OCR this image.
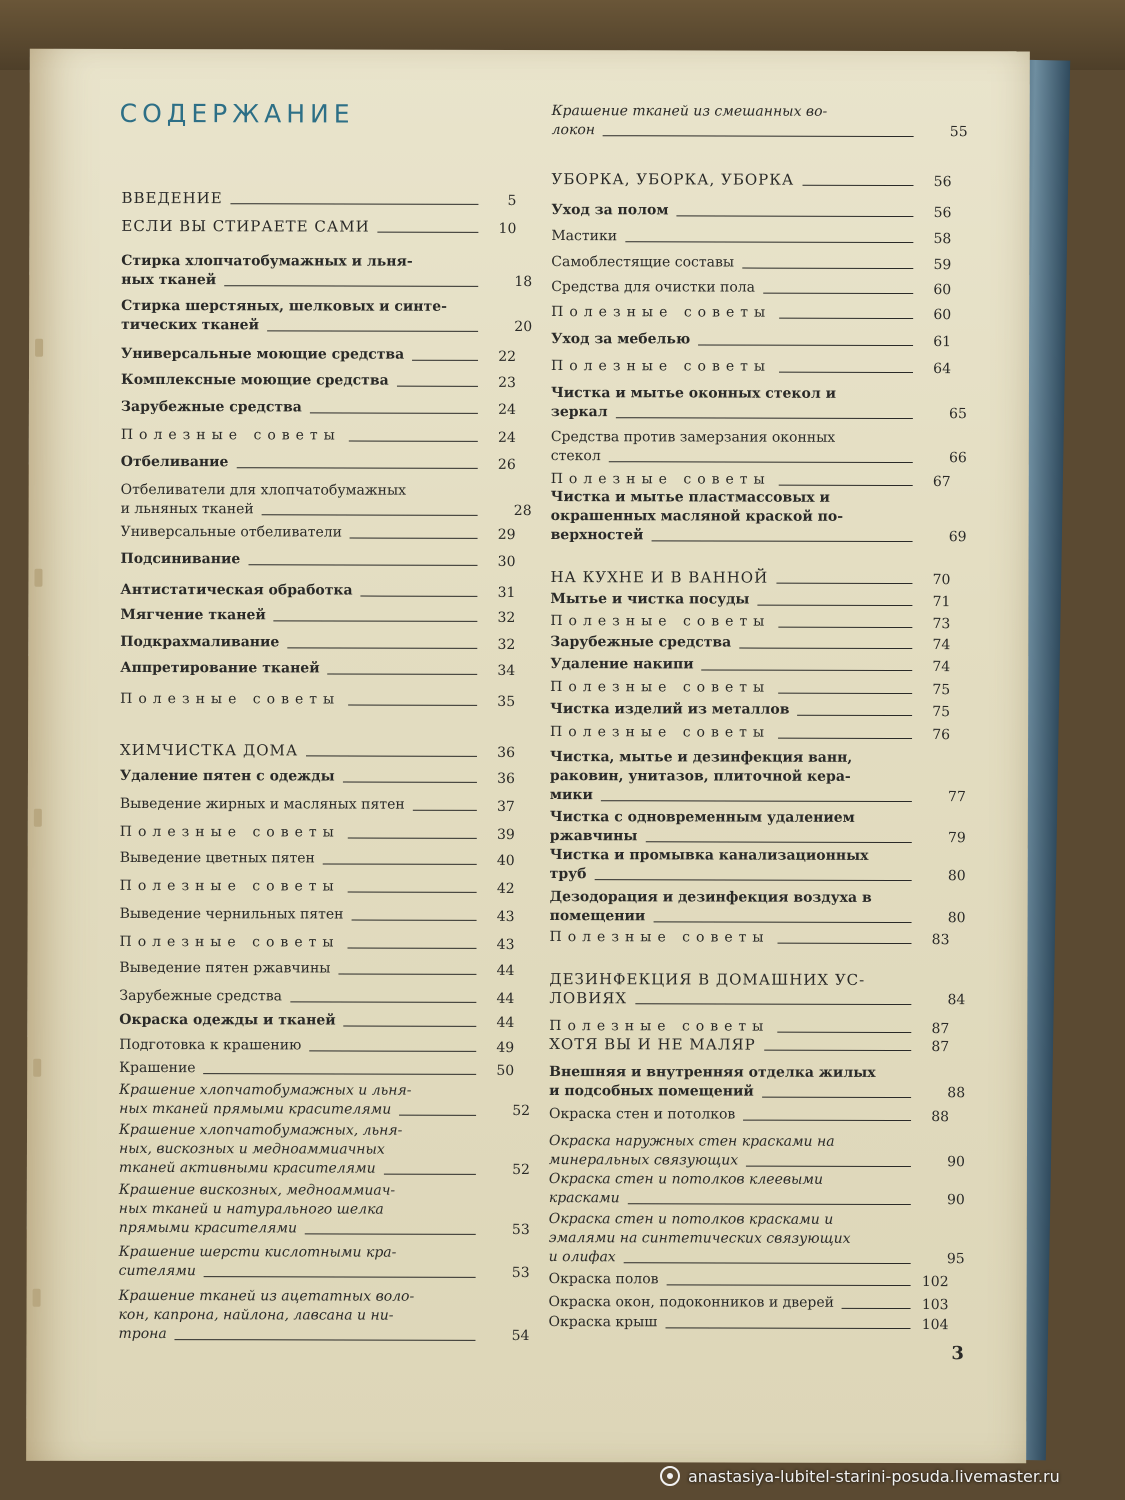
СОДЕРЖАНИЕ
ВВЕДЕНИЕ	5
ЕСЛИ ВЫ СТИРАЕТЕ САМИ	10
Стирка хлопчатобумажных и льня-
ных тканей	18
Стирка шерстяных, шелковых и синте-
тических тканей	20
Универсальные моющие средства	22
Комплексные моющие средства	23
Зарубежные средства	24
Полезные советы	24
Отбеливание	26
Отбеливатели для хлопчатобумажных
и льняных тканей	28
Универсальные отбеливатели	29
Подсинивание	30
Антистатическая обработка	31
Мягчение тканей	32
Подкрахмаливание	32
Аппретирование тканей	34
Полезные советы	35
ХИМЧИСТКА ДОМА	36
Удаление пятен с одежды	36
Выведение жирных и масляных пятен	37
Полезные советы	39
Выведение цветных пятен	40
Полезные советы	42
Выведение чернильных пятен	43
Полезные советы	43
Выведение пятен ржавчины	44
Зарубежные средства	44
Окраска одежды и тканей	44
Подготовка к крашению	49
Крашение	50
Крашение хлопчатобумажных и льня-
ных тканей прямыми красителями	52
Крашение хлопчатобумажных, льня-
ных, вискозных и медноаммиачных
тканей активными красителями	52
Крашение вискозных, медноаммиач-
ных тканей и натурального шелка
прямыми красителями	53
Крашение шерсти кислотными кра-
сителями	53
Крашение тканей из ацетатных воло-
кон, капрона, найлона, лавсана и ни-
трона	54
Крашение тканей из смешанных во-
локон	55
УБОРКА, УБОРКА, УБОРКА	56
Уход за полом	56
Мастики	58
Самоблестящие составы	59
Средства для очистки пола	60
Полезные советы	60
Уход за мебелью	61
Полезные советы	64
Чистка и мытье оконных стекол и
зеркал	65
Средства против замерзания оконных
стекол	66
Полезные советы	67
Чистка и мытье пластмассовых и
окрашенных масляной краской по-
верхностей	69
НА КУХНЕ И В ВАННОЙ	70
Мытье и чистка посуды	71
Полезные советы	73
Зарубежные средства	74
Удаление накипи	74
Полезные советы	75
Чистка изделий из металлов	75
Полезные советы	76
Чистка, мытье и дезинфекция ванн,
раковин, унитазов, плиточной кера-
мики	77
Чистка с одновременным удалением
ржавчины	79
Чистка и промывка канализационных
труб	80
Дезодорация и дезинфекция воздуха в
помещении	80
Полезные советы	83
ДЕЗИНФЕКЦИЯ В ДОМАШНИХ УС-
ЛОВИЯХ	84
Полезные советы	87
ХОТЯ ВЫ И НЕ МАЛЯР	87
Внешняя и внутренняя отделка жилых
и подсобных помещений	88
Окраска стен и потолков	88
Окраска наружных стен красками на
минеральных связующих	90
Окраска стен и потолков клеевыми
красками	90
Окраска стен и потолков красками и
эмалями на синтетических связующих
и олифах	95
Окраска полов	102
Окраска окон, подоконников и дверей	103
Окраска крыш	104
3
anastasiya-lubitel-starini-posuda.livemaster.ru
